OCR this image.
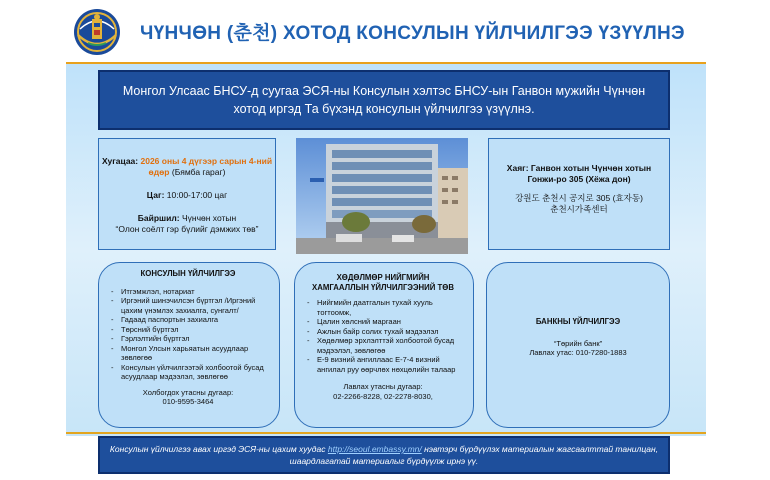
ЧҮНЧӨН (춘천) ХОТОД КОНСУЛЫН ҮЙЛЧИЛГЭЭ ҮЗҮҮЛНЭ
Монгол Улсаас БНСУ-д суугаа ЭСЯ-ны Консулын хэлтэс БНСУ-ын Ганвон мужийн Чүнчөн хотод иргэд Та бүхэнд консулын үйлчилгээ үзүүлнэ.
Хугацаа: 2026 оны 4 дүгээр сарын 4-ний өдөр (Бямба гараг)
Цаг: 10:00-17:00 цаг
Байршил: Чүнчөн хотын
“Олон соёлт гэр бүлийг дэмжих төв”
Хаяг: Ганвон хотын Чүнчөн хотын Гонжи-ро 305 (Хёжа дон)
강원도 춘천시 공지로 305 (효자동)
춘천시가족센터
КОНСУЛЫН ҮЙЛЧИЛГЭЭ
- Итгэмжлэл, нотариат
- Иргэний шинэчилсэн бүртгэл /Иргэний цахим үнэмлэх захиалга, сунгалт/
- Гадаад паспортын захиалга
- Төрсний бүртгэл
- Гэрлэлтийн бүртгэл
- Монгол Улсын харьяатын асуудлаар зөвлөгөө
- Консулын үйлчилгээтэй холбоотой бусад асуудлаар мэдээлэл, зөвлөгөө
Холбогдох утасны дугаар:
010-9595-3464
ХӨДӨЛМӨР НИЙГМИЙН
ХАМГААЛЛЫН ҮЙЛЧИЛГЭЭНИЙ ТӨВ
- Нийгмийн даатгалын тухай хууль тогтоомж,
- Цалин хөлсний маргаан
- Ажлын байр солих тухай мэдээлэл
- Хөдөлмөр эрхлэлттэй холбоотой бусад мэдээлэл, зөвлөгөө
- Е-9 визний ангиллаас Е-7-4 визний ангилал руу өөрчлөх нөхцөлийн талаар
Лавлах утасны дугаар:
02-2266-8228, 02-2278-8030,
БАНКНЫ ҮЙЛЧИЛГЭЭ
“Төрийн банк”
Лавлах утас: 010-7280-1883
Консулын үйлчилгээ авах иргэд ЭСЯ-ны цахим хуудас http://seoul.embassy.mn/ нэвтэрч бүрдүүлэх материалын жагсаалттай танилцан, шаардлагатай материалыг бүрдүүлж ирнэ үү.
